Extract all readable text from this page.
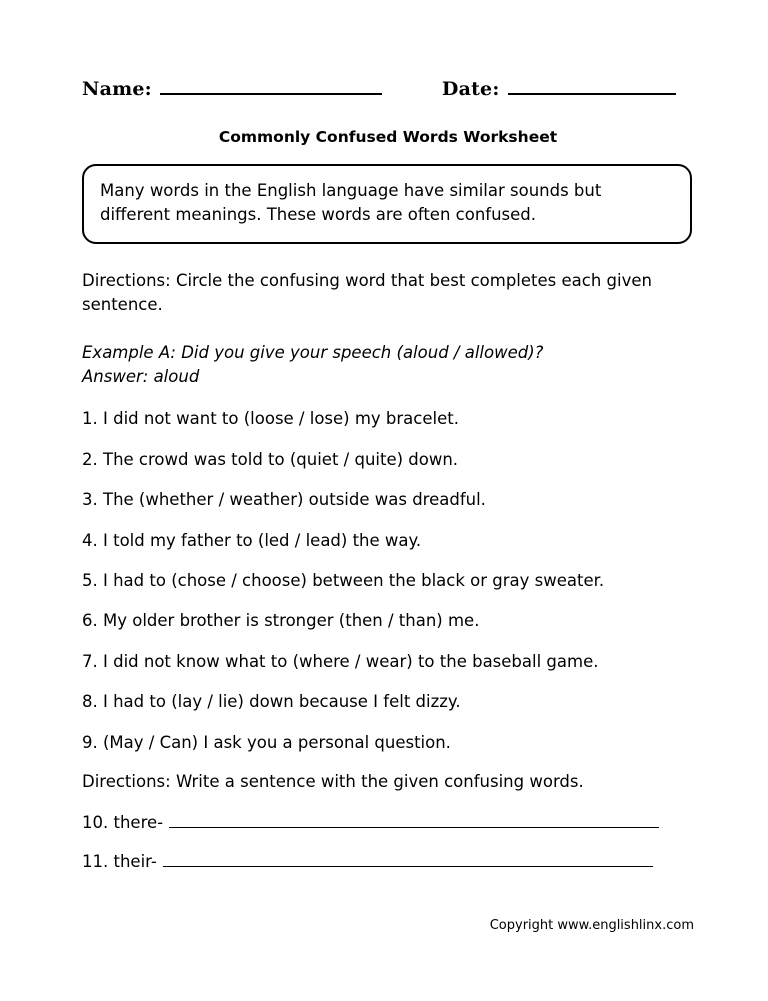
Name:	Date:
Commonly Confused Words Worksheet
Many words in the English language have similar sounds but different meanings. These words are often confused.
Directions: Circle the confusing word that best completes each given sentence.
Example A: Did you give your speech (aloud / allowed)?
Answer: aloud
1. I did not want to (loose / lose) my bracelet.
2. The crowd was told to (quiet / quite) down.
3. The (whether / weather) outside was dreadful.
4. I told my father to (led / lead) the way.
5. I had to (chose / choose) between the black or gray sweater.
6. My older brother is stronger (then / than) me.
7. I did not know what to (where / wear) to the baseball game.
8. I had to (lay / lie) down because I felt dizzy.
9. (May / Can) I ask you a personal question.
Directions: Write a sentence with the given confusing words.
10. there-
11. their-
Copyright www.englishlinx.com
